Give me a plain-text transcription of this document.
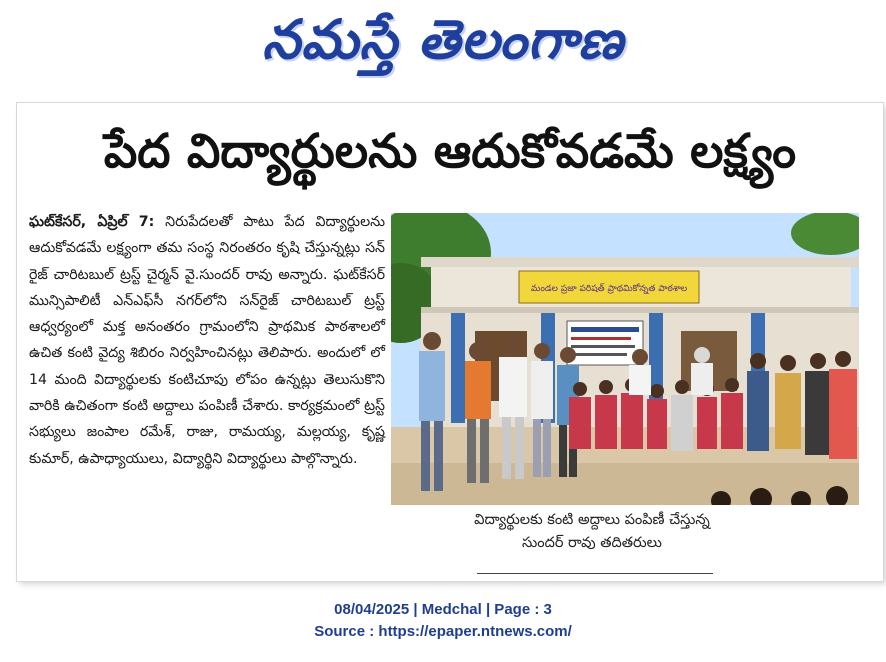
నమస్తే తెలంగాణ
పేద విద్యార్థులను ఆదుకోవడమే లక్ష్యం

ఘట్‌కేసర్, ఏప్రిల్ 7: నిరుపేదలతో పాటు పేద విద్యార్థులను ఆదుకోవడమే లక్ష్యంగా తమ సంస్థ నిరంతరం కృషి చేస్తున్నట్లు సన్ రైజ్ చారిటబుల్ ట్రస్ట్ చైర్మన్ వై.సుందర్ రావు అన్నారు. ఘట్‌కేసర్ మున్సిపాలిటీ ఎన్‌ఎఫ్‌సీ నగర్‌లోని సన్‌రైజ్ చారిటబుల్ ట్రస్ట్ ఆధ్వర్యంలో మక్త అనంతరం గ్రామంలోని ప్రాథమిక పాఠశాలలో ఉచిత కంటి వైద్య శిబిరం నిర్వహించినట్లు తెలిపారు. అందులో లో 14 మంది విద్యార్థులకు కంటిచూపు లోపం ఉన్నట్లు తెలుసుకొని వారికి ఉచితంగా కంటి అద్దాలు పంపిణీ చేశారు. కార్యక్రమంలో ట్రస్ట్ సభ్యులు జంపాల రమేశ్, రాజు, రామయ్య, మల్లయ్య, కృష్ణ కుమార్, ఉపాధ్యాయులు, విద్యార్థిని విద్యార్థులు పాల్గొన్నారు.

మండల ప్రజా పరిషత్ ప్రాథమికోన్నత పాఠశాల
విద్యార్థులకు కంటి అద్దాలు పంపిణీ చేస్తున్న
సుందర్ రావు తదితరులు
08/04/2025 | Medchal | Page : 3
Source : https://epaper.ntnews.com/
